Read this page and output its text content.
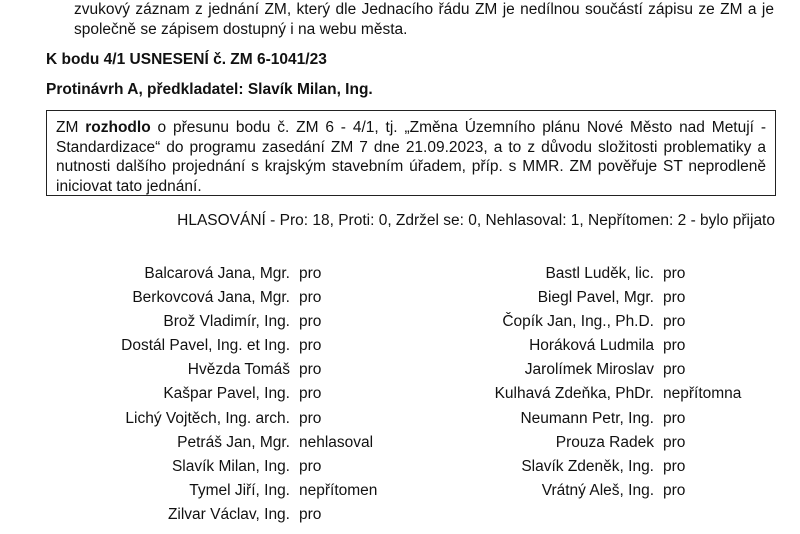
zvukový záznam z jednání ZM, který dle Jednacího řádu ZM je nedílnou součástí zápisu ze ZM a je společně se zápisem dostupný i na webu města.

K bodu 4/1 USNESENÍ č. ZM 6-1041/23

Protinávrh A, předkladatel: Slavík Milan, Ing.

ZM rozhodlo o přesunu bodu č. ZM 6 - 4/1, tj. „Změna Územního plánu Nové Město nad Metují - Standardizace“ do programu zasedání ZM 7 dne 21.09.2023, a to z důvodu složitosti problematiky a nutnosti dalšího projednání s krajským stavebním úřadem, příp. s MMR. ZM pověřuje ST neprodleně iniciovat tato jednání.

HLASOVÁNÍ - Pro: 18, Proti: 0, Zdržel se: 0, Nehlasoval: 1, Nepřítomen: 2 - bylo přijato

Balcarová Jana, Mgr. pro
Berkovcová Jana, Mgr. pro
Brož Vladimír, Ing. pro
Dostál Pavel, Ing. et Ing. pro
Hvězda Tomáš pro
Kašpar Pavel, Ing. pro
Lichý Vojtěch, Ing. arch. pro
Petráš Jan, Mgr. nehlasoval
Slavík Milan, Ing. pro
Tymel Jiří, Ing. nepřítomen
Zilvar Václav, Ing. pro
Bastl Luděk, lic. pro
Biegl Pavel, Mgr. pro
Čopík Jan, Ing., Ph.D. pro
Horáková Ludmila pro
Jarolímek Miroslav pro
Kulhavá Zdeňka, PhDr. nepřítomna
Neumann Petr, Ing. pro
Prouza Radek pro
Slavík Zdeněk, Ing. pro
Vrátný Aleš, Ing. pro
